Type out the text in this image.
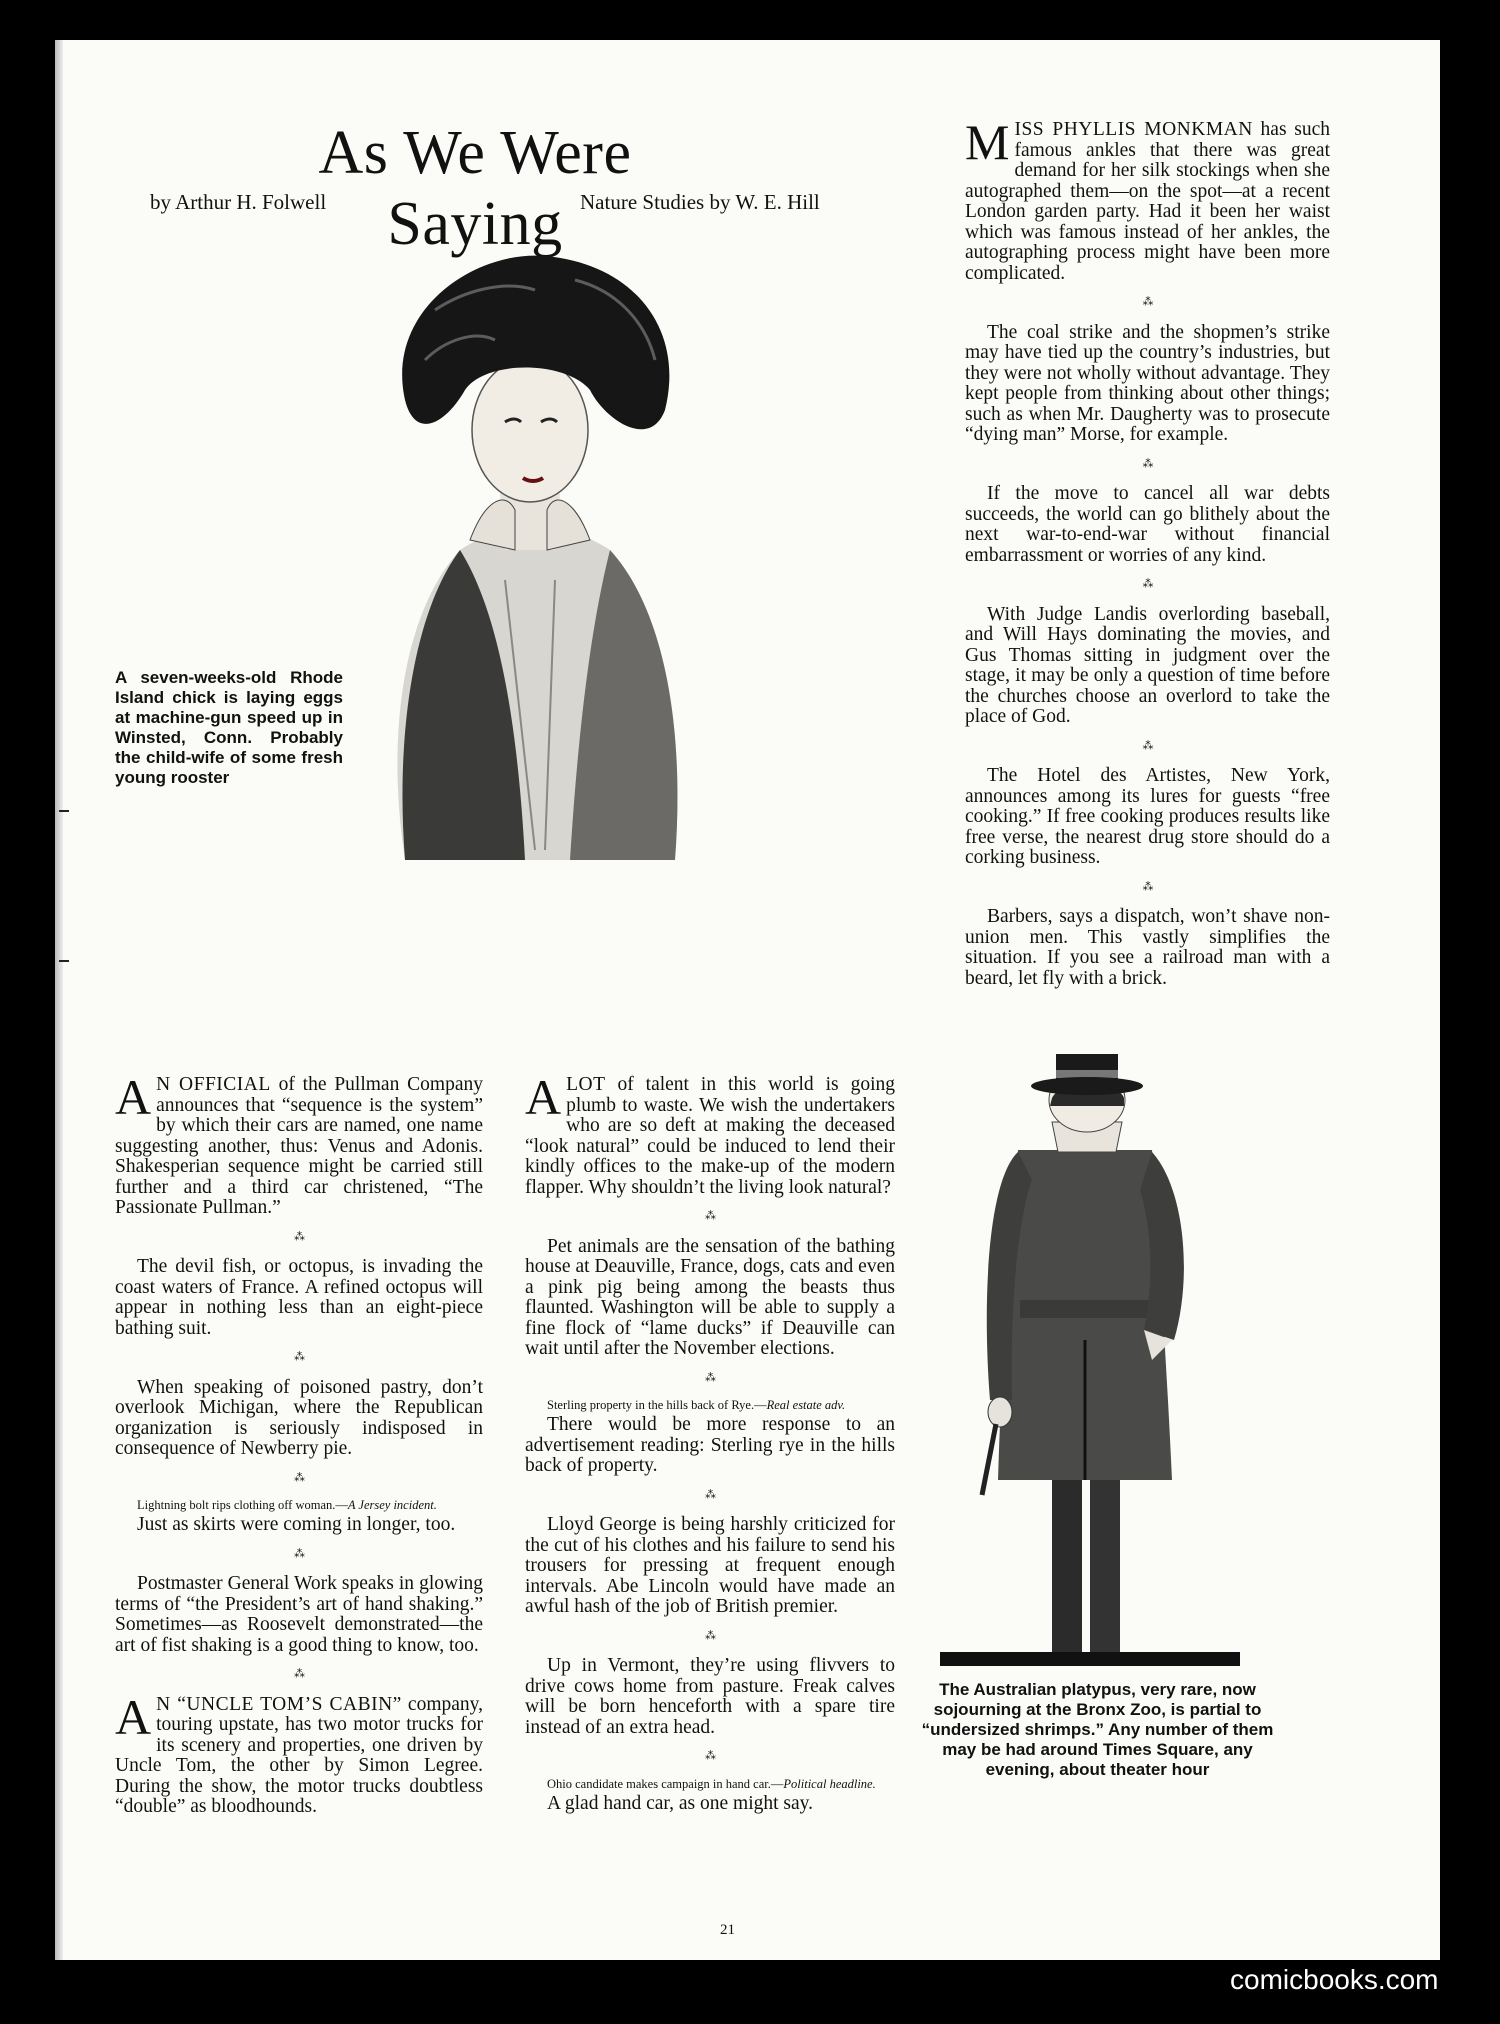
As We Were Saying
by Arthur H. Folwell	Nature Studies by W. E. Hill
A seven-weeks-old Rhode Island chick is laying eggs at machine-gun speed up in Winsted, Conn. Probably the child-wife of some fresh young rooster

MISS PHYLLIS MONKMAN has such famous ankles that there was great demand for her silk stockings when she autographed them—on the spot—at a recent London garden party. Had it been her waist which was famous instead of her ankles, the autographing process might have been more complicated.

⁂

The coal strike and the shopmen’s strike may have tied up the country’s industries, but they were not wholly without advantage. They kept people from thinking about other things; such as when Mr. Daugherty was to prosecute “dying man” Morse, for example.

⁂

If the move to cancel all war debts succeeds, the world can go blithely about the next war-to-end-war without financial embarrassment or worries of any kind.

⁂

With Judge Landis overlording baseball, and Will Hays dominating the movies, and Gus Thomas sitting in judgment over the stage, it may be only a question of time before the churches choose an overlord to take the place of God.

⁂

The Hotel des Artistes, New York, announces among its lures for guests “free cooking.” If free cooking produces results like free verse, the nearest drug store should do a corking business.

⁂

Barbers, says a dispatch, won’t shave non-union men. This vastly simplifies the situation. If you see a railroad man with a beard, let fly with a brick.

AN OFFICIAL of the Pullman Company announces that “sequence is the system” by which their cars are named, one name suggesting another, thus: Venus and Adonis. Shakesperian sequence might be carried still further and a third car christened, “The Passionate Pullman.”

⁂

The devil fish, or octopus, is invading the coast waters of France. A refined octopus will appear in nothing less than an eight-piece bathing suit.

⁂

When speaking of poisoned pastry, don’t overlook Michigan, where the Republican organization is seriously indisposed in consequence of Newberry pie.

⁂

Lightning bolt rips clothing off woman.—A Jersey incident.

Just as skirts were coming in longer, too.

⁂

Postmaster General Work speaks in glowing terms of “the President’s art of hand shaking.” Sometimes—as Roosevelt demonstrated—the art of fist shaking is a good thing to know, too.

⁂

AN “UNCLE TOM’S CABIN” company, touring upstate, has two motor trucks for its scenery and properties, one driven by Uncle Tom, the other by Simon Legree. During the show, the motor trucks doubtless “double” as bloodhounds.

ALOT of talent in this world is going plumb to waste. We wish the undertakers who are so deft at making the deceased “look natural” could be induced to lend their kindly offices to the make-up of the modern flapper. Why shouldn’t the living look natural?

⁂

Pet animals are the sensation of the bathing house at Deauville, France, dogs, cats and even a pink pig being among the beasts thus flaunted. Washington will be able to supply a fine flock of “lame ducks” if Deauville can wait until after the November elections.

⁂

Sterling property in the hills back of Rye.—Real estate adv.

There would be more response to an advertisement reading: Sterling rye in the hills back of property.

⁂

Lloyd George is being harshly criticized for the cut of his clothes and his failure to send his trousers for pressing at frequent enough intervals. Abe Lincoln would have made an awful hash of the job of British premier.

⁂

Up in Vermont, they’re using flivvers to drive cows home from pasture. Freak calves will be born henceforth with a spare tire instead of an extra head.

⁂

Ohio candidate makes campaign in hand car.—Political headline.

A glad hand car, as one might say.

The Australian platypus, very rare, now sojourning at the Bronx Zoo, is partial to “undersized shrimps.” Any number of them may be had around Times Square, any evening, about theater hour
21
comicbooks.com
